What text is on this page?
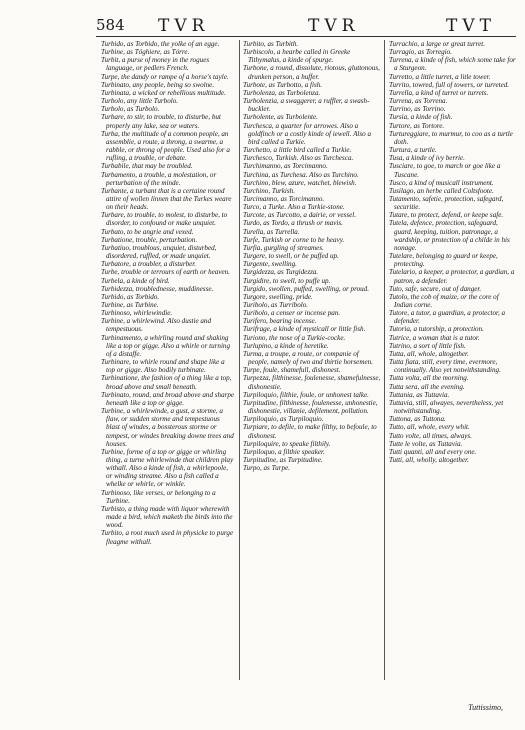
584 TVR	TVR	TVT

Turbido, as Torbido, the yolke of an egge.

Turbine, as Tóghiere, as Tórre.

Turbit, a purse of money in the rogues language, or pedlers French.

Turpe, the dandy or rampe of a horse's tayle.

Turbinato, any people, being so swolne.

Turbinata, a wicked or rebellious multitude.

Turbolo, any little Turbolo.

Turbolo, as Turbolo.

Turbare, to stir, to trouble, to disturbe, but properly any lake, sea or waters.

Turba, the multitude of a common people, an assemblie, a route, a throng, a swarme, a rabble, or throng of people. Used also for a rufling, a trouble, or debate.

Turbabile, that may be troubled.

Turbamento, a trouble, a molestation, or perturbation of the minde.

Turbante, a turbant that is a certaine round attire of wollen linnen that the Turkes weare on their heads.

Turbare, to trouble, to molest, to disturbe, to disorder, to confound or make unquiet.

Turbato, to be angrie and vexed.

Turbatione, trouble, perturbation.

Turbatiuo, troublous, unquiet, disturbed, disordered, ruffled, or made unquiet.

Turbatore, a troubler, a disturber.

Turbe, trouble or terrours of earth or heaven.

Turbela, a kinde of bird.

Turbidezza, troublednesse, muddinesse.

Turbido, as Torbido.

Turbine, as Turbine.

Turbinoso, whirlewindie.

Turbine, a whirlewind. Also dustie and tempestuous.

Turbinamento, a whirling round and shaking like a top or gigge. Also a whirle or turning of a distaffe.

Turbinare, to whirle round and shape like a top or gigge. Also bodily turbinate.

Turbinatione, the fashion of a thing like a top, broad above and small beneath.

Turbinato, round, and broad above and sharpe beneath like a top or gigge.

Turbine, a whirlewinde, a gust, a storme, a flaw, or sudden storme and tempestuous blast of windes, a bossterous storme or tempest, or windes breaking downe trees and houses.

Turbine, forme of a top or gigge or whirling thing, a turne whirlewinde that children play withall. Also a kinde of fish, a whirlepoole, or winding streame. Also a fish called a whelke or whirle, or winkle.

Turbinoso, like verses, or belonging to a Turbine.

Turbisto, a thing made with liquor wherewith made a bird, which maketh the birds into the wood.

Turbito, a root much used in physicke to purge fleagme withall.

Turbito, as Turbith.

Turbiscolo, a hearbe called in Greeke Tithymalus, a kinde of spurge.

Turbone, a round, dissolute, riotous, gluttonous, drunken person, a huffer.

Turbote, as Turbotto, a fish.

Turbolenza, as Turbolenza.

Turbolenzia, a swaggerer, a ruffler, a swash-buckler.

Turbolente, as Turbolente.

Turchesca, a quarter for arrowes. Also a goldfinch or a costly kinde of iewell. Also a bird called a Turkie.

Turchetto, a little bird called a Turkie.

Turchesco, Turkish. Also as Turchesca.

Turchimanno, as Torcimanno.

Turchina, as Turchesa. Also as Turchino.

Turchino, blew, azure, watchet, blewish.

Turchino, Turkish.

Turcimanno, as Torcimanno.

Turco, a Turke. Also a Turkie-stone.

Turcote, as Turcotto, a dairie, or vessel.

Turdo, as Tordo, a thrush or mavis.

Turella, as Turrella.

Turfe, Turkish or corne to be heavy.

Turfia, gurgling of streames.

Turgere, to swell, or be puffed up.

Turgente, swelling.

Turgidezza, as Turgidezza.

Turgidire, to swell, to puffe up.

Turgido, swollen, puffed, swelling, or proud.

Turgore, swelling, pride.

Turibolo, as Turribolo.

Turibolo, a censer or incense pan.

Turifero, bearing incense.

Turifrage, a kinde of mysticall or little fish.

Turiono, the nose of a Turkie-cocke.

Turlupino, a kinde of heretike.

Turma, a troupe, a route, or companie of people, namely of two and thirtie horsemen.

Turpe, foule, shamefull, dishonest.

Turpezza, filthinesse, foulenesse, shamefulnesse, dishonestie.

Turpiloquio, filthie, foule, or unhonest talke.

Turpitudine, filthinesse, foulenesse, unhonestie, dishonestie, villanie, defilement, pollution.

Turpiloquio, as Turpiloquio.

Turpiare, to defile, to make filthy, to befoule, to dishonest.

Turpiloquire, to speake filthily.

Turpiloquo, a filthie speaker.

Turpitudine, as Turpitudine.

Turpo, as Turpe.

Turrachio, a large or great turret.

Turragio, as Torregio.

Turrena, a kinde of fish, which some take for a Sturgeon.

Turretto, a little turret, a litle tower.

Turrito, towred, full of towers, or turreted.

Turrella, a kind of turret or turrets.

Turrena, as Torrena.

Turrino, as Torrino.

Tursia, a kinde of fish.

Turtore, as Tortore.

Turtureggiare, to murmur, to coo as a turtle doth.

Turtura, a turtle.

Tusa, a kinde of ivy berrie.

Tusciare, to goe, to march or goe like a Tuscane.

Tusco, a kind of musicall instrument.

Tusilago, an herbe called Coltsfoote.

Tutamento, safetie, protection, safegard, securitie.

Tutare, to protect, defend, or keepe safe.

Tutela, defence, protection, safeguard, guard, keeping, tuition, patronage, a wardship, or protection of a childe in his nonage.

Tutelare, belonging to guard or keepe, protecting.

Tutelario, a keeper, a protector, a gardian, a patron, a defender.

Tuto, safe, secure, out of danger.

Tutolo, the cob of maize, or the core of Indian corne.

Tutore, a tutor, a guardian, a protector, a defender.

Tutoria, a tutorship, a protection.

Tutrice, a woman that is a tutor.

Tutrino, a sort of little fish.

Tutta, all, whole, altogether.

Tutta fiata, still, every time, evermore, continually. Also yet notwithstanding.

Tutta volta, all the morning.

Tutta sera, all the evening.

Tuttania, as Tuttavia.

Tuttavia, still, alwayes, nevertheless, yet notwithstanding.

Tuttona, as Tuttona.

Tutto, all, whole, every whit.

Tutto volte, all times, always.

Tutte le volte, as Tuttavia.

Tutti quanti, all and every one.

Tutti, all, wholly, altogether.

Tuttissimo,
